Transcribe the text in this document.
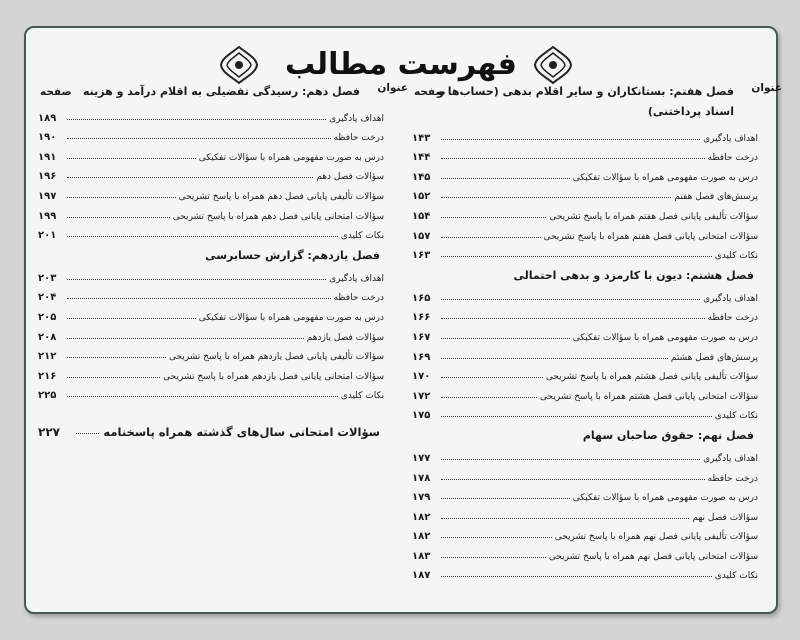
فهرست مطالب
عنوان
صفحه
فصل هفتم: بستانکاران و سایر اقلام بدهی (حساب‌ها و اسناد پرداختنی)
اهداف یادگیری
۱۴۳
درخت حافظه
۱۴۴
درس به صورت مفهومی همراه با سؤالات تفکیکی
۱۴۵
پرسش‌های فصل هفتم
۱۵۲
سؤالات تألیفی پایانی فصل هفتم همراه با پاسخ تشریحی
۱۵۴
سؤالات امتحانی پایانی فصل هفتم همراه با پاسخ تشریحی
۱۵۷
نکات کلیدی
۱۶۳
فصل هشتم: دیون با کارمزد و بدهی احتمالی
اهداف یادگیری
۱۶۵
درخت حافظه
۱۶۶
درس به صورت مفهومی همراه با سؤالات تفکیکی
۱۶۷
پرسش‌های فصل هشتم
۱۶۹
سؤالات تألیفی پایانی فصل هشتم همراه با پاسخ تشریحی
۱۷۰
سؤالات امتحانی پایانی فصل هشتم همراه با پاسخ تشریحی
۱۷۲
نکات کلیدی
۱۷۵
فصل نهم: حقوق صاحبان سهام
اهداف یادگیری
۱۷۷
درخت حافظه
۱۷۸
درس به صورت مفهومی همراه با سؤالات تفکیکی
۱۷۹
سؤالات فصل نهم
۱۸۲
سؤالات تألیفی پایانی فصل نهم همراه با پاسخ تشریحی
۱۸۲
سؤالات امتحانی پایانی فصل نهم همراه با پاسخ تشریحی
۱۸۳
نکات کلیدی
۱۸۷
عنوان
صفحه	فصل دهم: رسیدگی تفضیلی به اقلام درآمد و هزینه
اهداف یادگیری
۱۸۹
درخت حافظه
۱۹۰
درس به صورت مفهومی همراه با سؤالات تفکیکی
۱۹۱
سؤالات فصل دهم
۱۹۶
سؤالات تألیفی پایانی فصل دهم همراه با پاسخ تشریحی
۱۹۷
سؤالات امتحانی پایانی فصل دهم همراه با پاسخ تشریحی
۱۹۹
نکات کلیدی
۲۰۱
فصل یازدهم: گزارش حسابرسی
اهداف یادگیری
۲۰۳
درخت حافظه
۲۰۴
درس به صورت مفهومی همراه با سؤالات تفکیکی
۲۰۵
سؤالات فصل یازدهم
۲۰۸
سؤالات تألیفی پایانی فصل یازدهم همراه با پاسخ تشریحی
۲۱۲
سؤالات امتحانی پایانی فصل یازدهم همراه با پاسخ تشریحی
۲۱۶
نکات کلیدی
۲۲۵
سؤالات امتحانی سال‌های گذشته همراه پاسخنامه
۲۲۷
